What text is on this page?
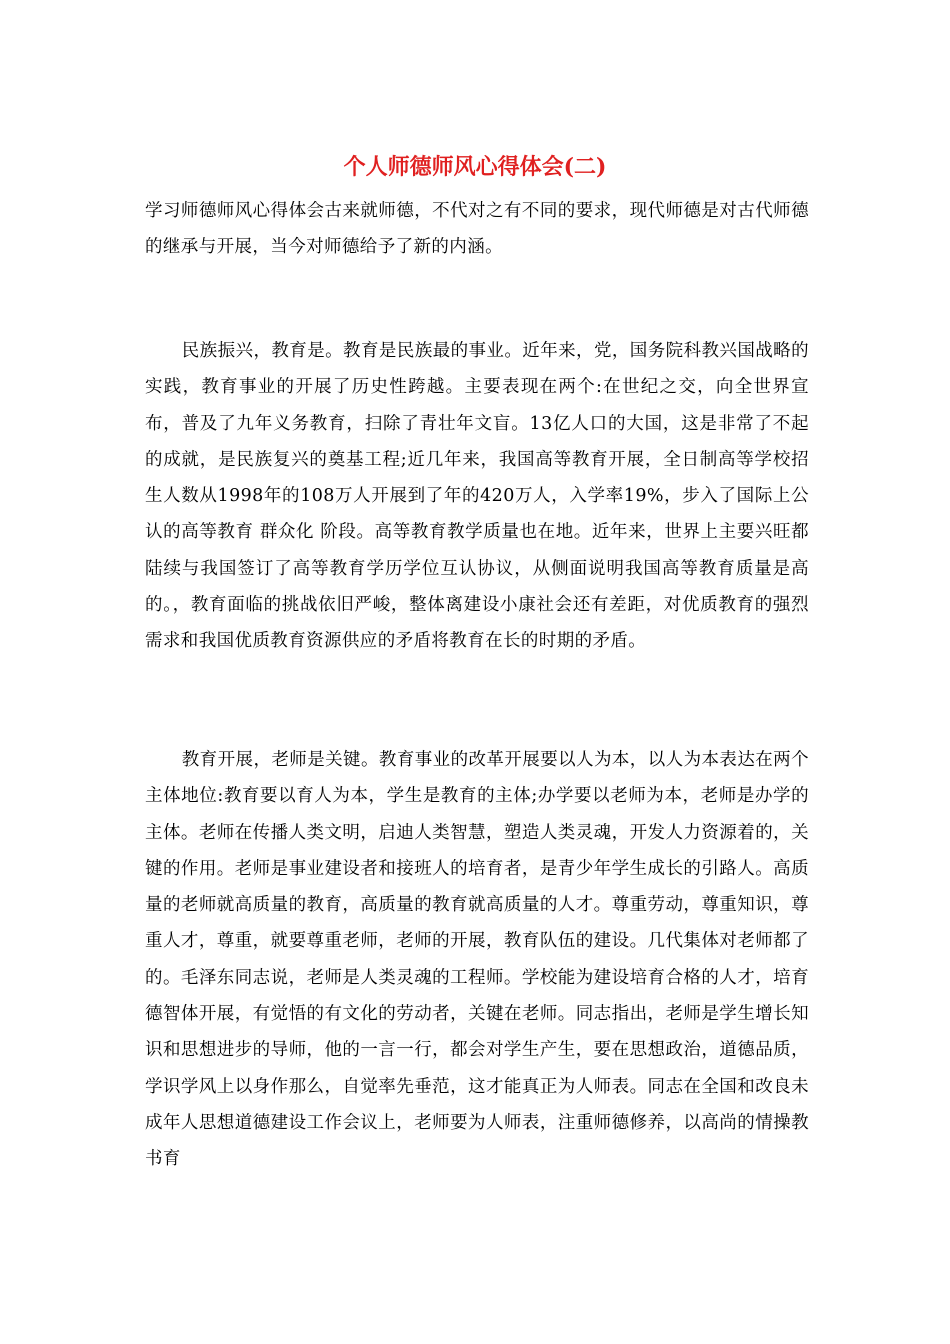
个人师德师风心得体会(二)

学习师德师风心得体会古来就师德，不代对之有不同的要求，现代师德是对古代师德的继承与开展，当今对师德给予了新的内涵。

民族振兴，教育是。教育是民族最的事业。近年来，党，国务院科教兴国战略的实践，教育事业的开展了历史性跨越。主要表现在两个:在世纪之交，向全世界宣布，普及了九年义务教育，扫除了青壮年文盲。13亿人口的大国，这是非常了不起的成就，是民族复兴的奠基工程;近几年来，我国高等教育开展，全日制高等学校招生人数从1998年的108万人开展到了年的420万人，入学率19%，步入了国际上公认的高等教育 群众化 阶段。高等教育教学质量也在地。近年来，世界上主要兴旺都陆续与我国签订了高等教育学历学位互认协议，从侧面说明我国高等教育质量是高的。，教育面临的挑战依旧严峻，整体离建设小康社会还有差距，对优质教育的强烈需求和我国优质教育资源供应的矛盾将教育在长的时期的矛盾。

教育开展，老师是关键。教育事业的改革开展要以人为本，以人为本表达在两个主体地位:教育要以育人为本，学生是教育的主体;办学要以老师为本，老师是办学的主体。老师在传播人类文明，启迪人类智慧，塑造人类灵魂，开发人力资源着的，关键的作用。老师是事业建设者和接班人的培育者，是青少年学生成长的引路人。高质量的老师就高质量的教育，高质量的教育就高质量的人才。尊重劳动，尊重知识，尊重人才，尊重，就要尊重老师，老师的开展，教育队伍的建设。几代集体对老师都了的。毛泽东同志说，老师是人类灵魂的工程师。学校能为建设培育合格的人才，培育德智体开展，有觉悟的有文化的劳动者，关键在老师。同志指出，老师是学生增长知识和思想进步的导师，他的一言一行，都会对学生产生，要在思想政治，道德品质，学识学风上以身作那么，自觉率先垂范，这才能真正为人师表。同志在全国和改良未成年人思想道德建设工作会议上，老师要为人师表，注重师德修养，以高尚的情操教书育
